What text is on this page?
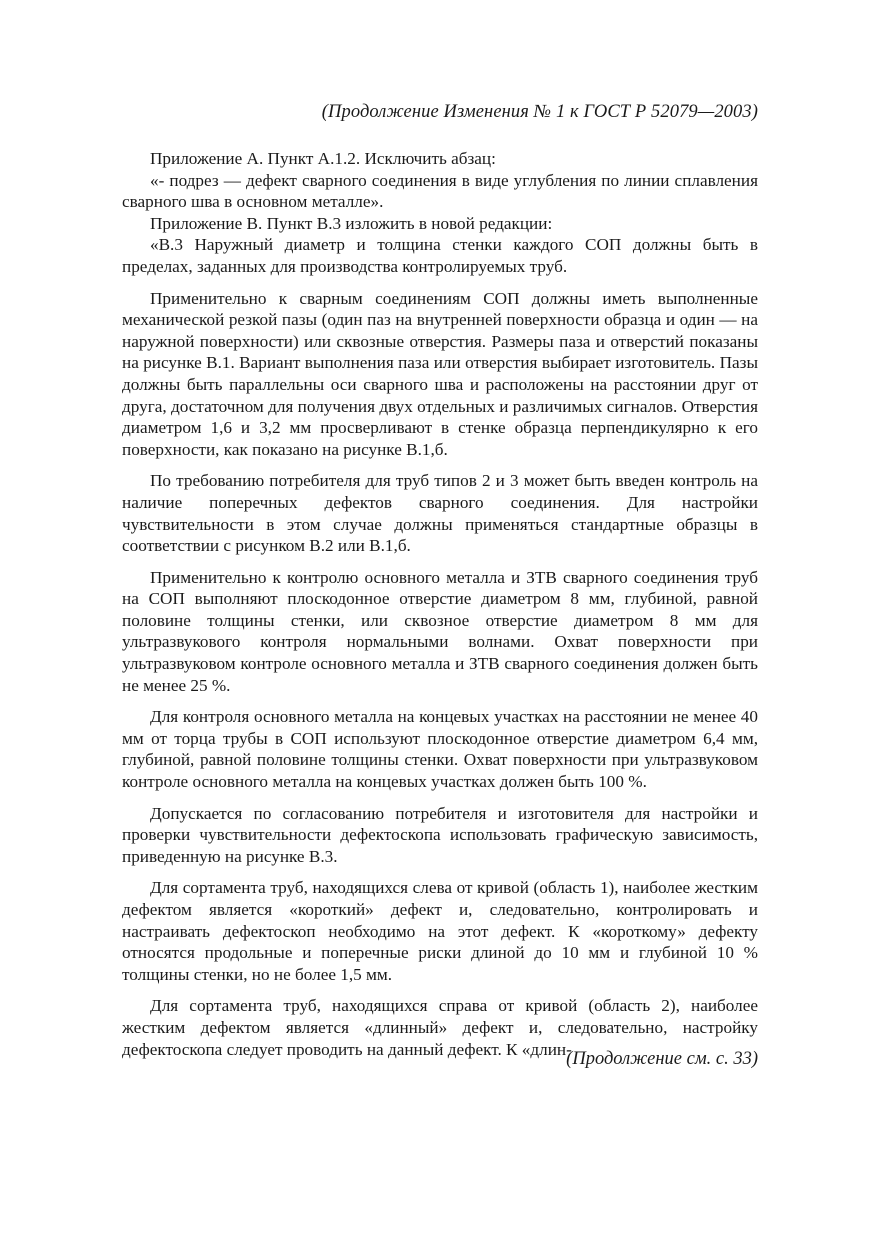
(Продолжение Изменения № 1 к ГОСТ Р 52079—2003)

Приложение А. Пункт А.1.2. Исключить абзац:

«- подрез — дефект сварного соединения в виде углубления по линии сплавления сварного шва в основном металле».

Приложение В. Пункт В.3 изложить в новой редакции:

«В.3 Наружный диаметр и толщина стенки каждого СОП должны быть в пределах, заданных для производства контролируемых труб.

Применительно к сварным соединениям СОП должны иметь выполненные механической резкой пазы (один паз на внутренней поверхности образца и один — на наружной поверхности) или сквозные отверстия. Размеры паза и отверстий показаны на рисунке В.1. Вариант выполнения паза или отверстия выбирает изготовитель. Пазы должны быть параллельны оси сварного шва и расположены на расстоянии друг от друга, достаточном для получения двух отдельных и различимых сигналов. Отверстия диаметром 1,6 и 3,2 мм просверливают в стенке образца перпендикулярно к его поверхности, как показано на рисунке В.1,б.

По требованию потребителя для труб типов 2 и 3 может быть введен контроль на наличие поперечных дефектов сварного соединения. Для настройки чувствительности в этом случае должны применяться стандартные образцы в соответствии с рисунком В.2 или В.1,б.

Применительно к контролю основного металла и ЗТВ сварного соединения труб на СОП выполняют плоскодонное отверстие диаметром 8 мм, глубиной, равной половине толщины стенки, или сквозное отверстие диаметром 8 мм для ультразвукового контроля нормальными волнами. Охват поверхности при ультразвуковом контроле основного металла и ЗТВ сварного соединения должен быть не менее 25 %.

Для контроля основного металла на концевых участках на расстоянии не менее 40 мм от торца трубы в СОП используют плоскодонное отверстие диаметром 6,4 мм, глубиной, равной половине толщины стенки. Охват поверхности при ультразвуковом контроле основного металла на концевых участках должен быть 100 %.

Допускается по согласованию потребителя и изготовителя для настройки и проверки чувствительности дефектоскопа использовать графическую зависимость, приведенную на рисунке В.3.

Для сортамента труб, находящихся слева от кривой (область 1), наиболее жестким дефектом является «короткий» дефект и, следовательно, контролировать и настраивать дефектоскоп необходимо на этот дефект. К «короткому» дефекту относятся продольные и поперечные риски длиной до 10 мм и глубиной 10 % толщины стенки, но не более 1,5 мм.

Для сортамента труб, находящихся справа от кривой (область 2), наиболее жестким дефектом является «длинный» дефект и, следовательно, настройку дефектоскопа следует проводить на данный дефект. К «длин-

(Продолжение см. с. 33)
